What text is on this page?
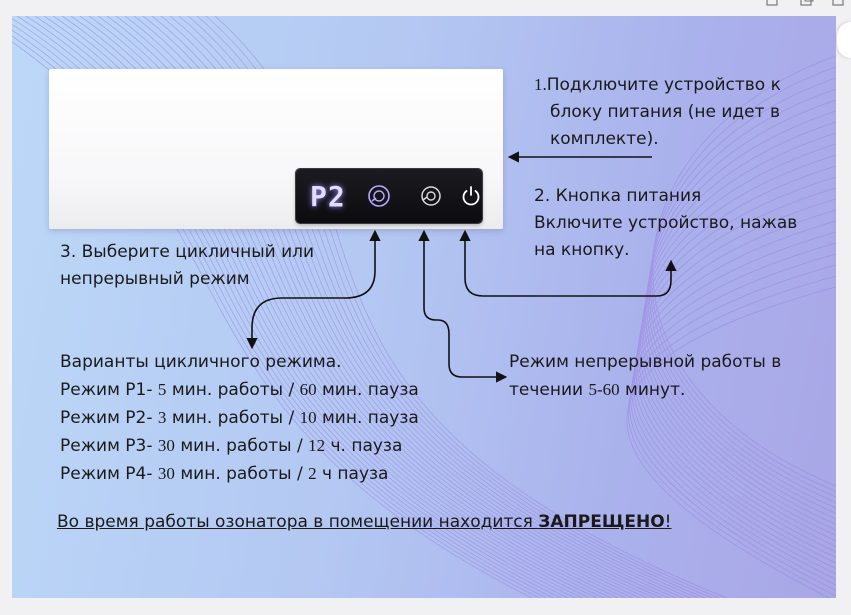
P2
1.Подключите устройство к
блоку питания (не идет в
комплекте).
2. Кнопка питания
Включите устройство, нажав
на кнопку.
3. Выберите цикличный или
непрерывный режим
Режим непрерывной работы в
течении 5-60 минут.
Варианты цикличного режима.
Режим Р1- 5 мин. работы / 60 мин. пауза
Режим Р2- 3 мин. работы / 10 мин. пауза
Режим Р3- 30 мин. работы / 12 ч. пауза
Режим Р4- 30 мин. работы / 2 ч пауза
Во время работы озонатора в помещении находится ЗАПРЕЩЕНО!
